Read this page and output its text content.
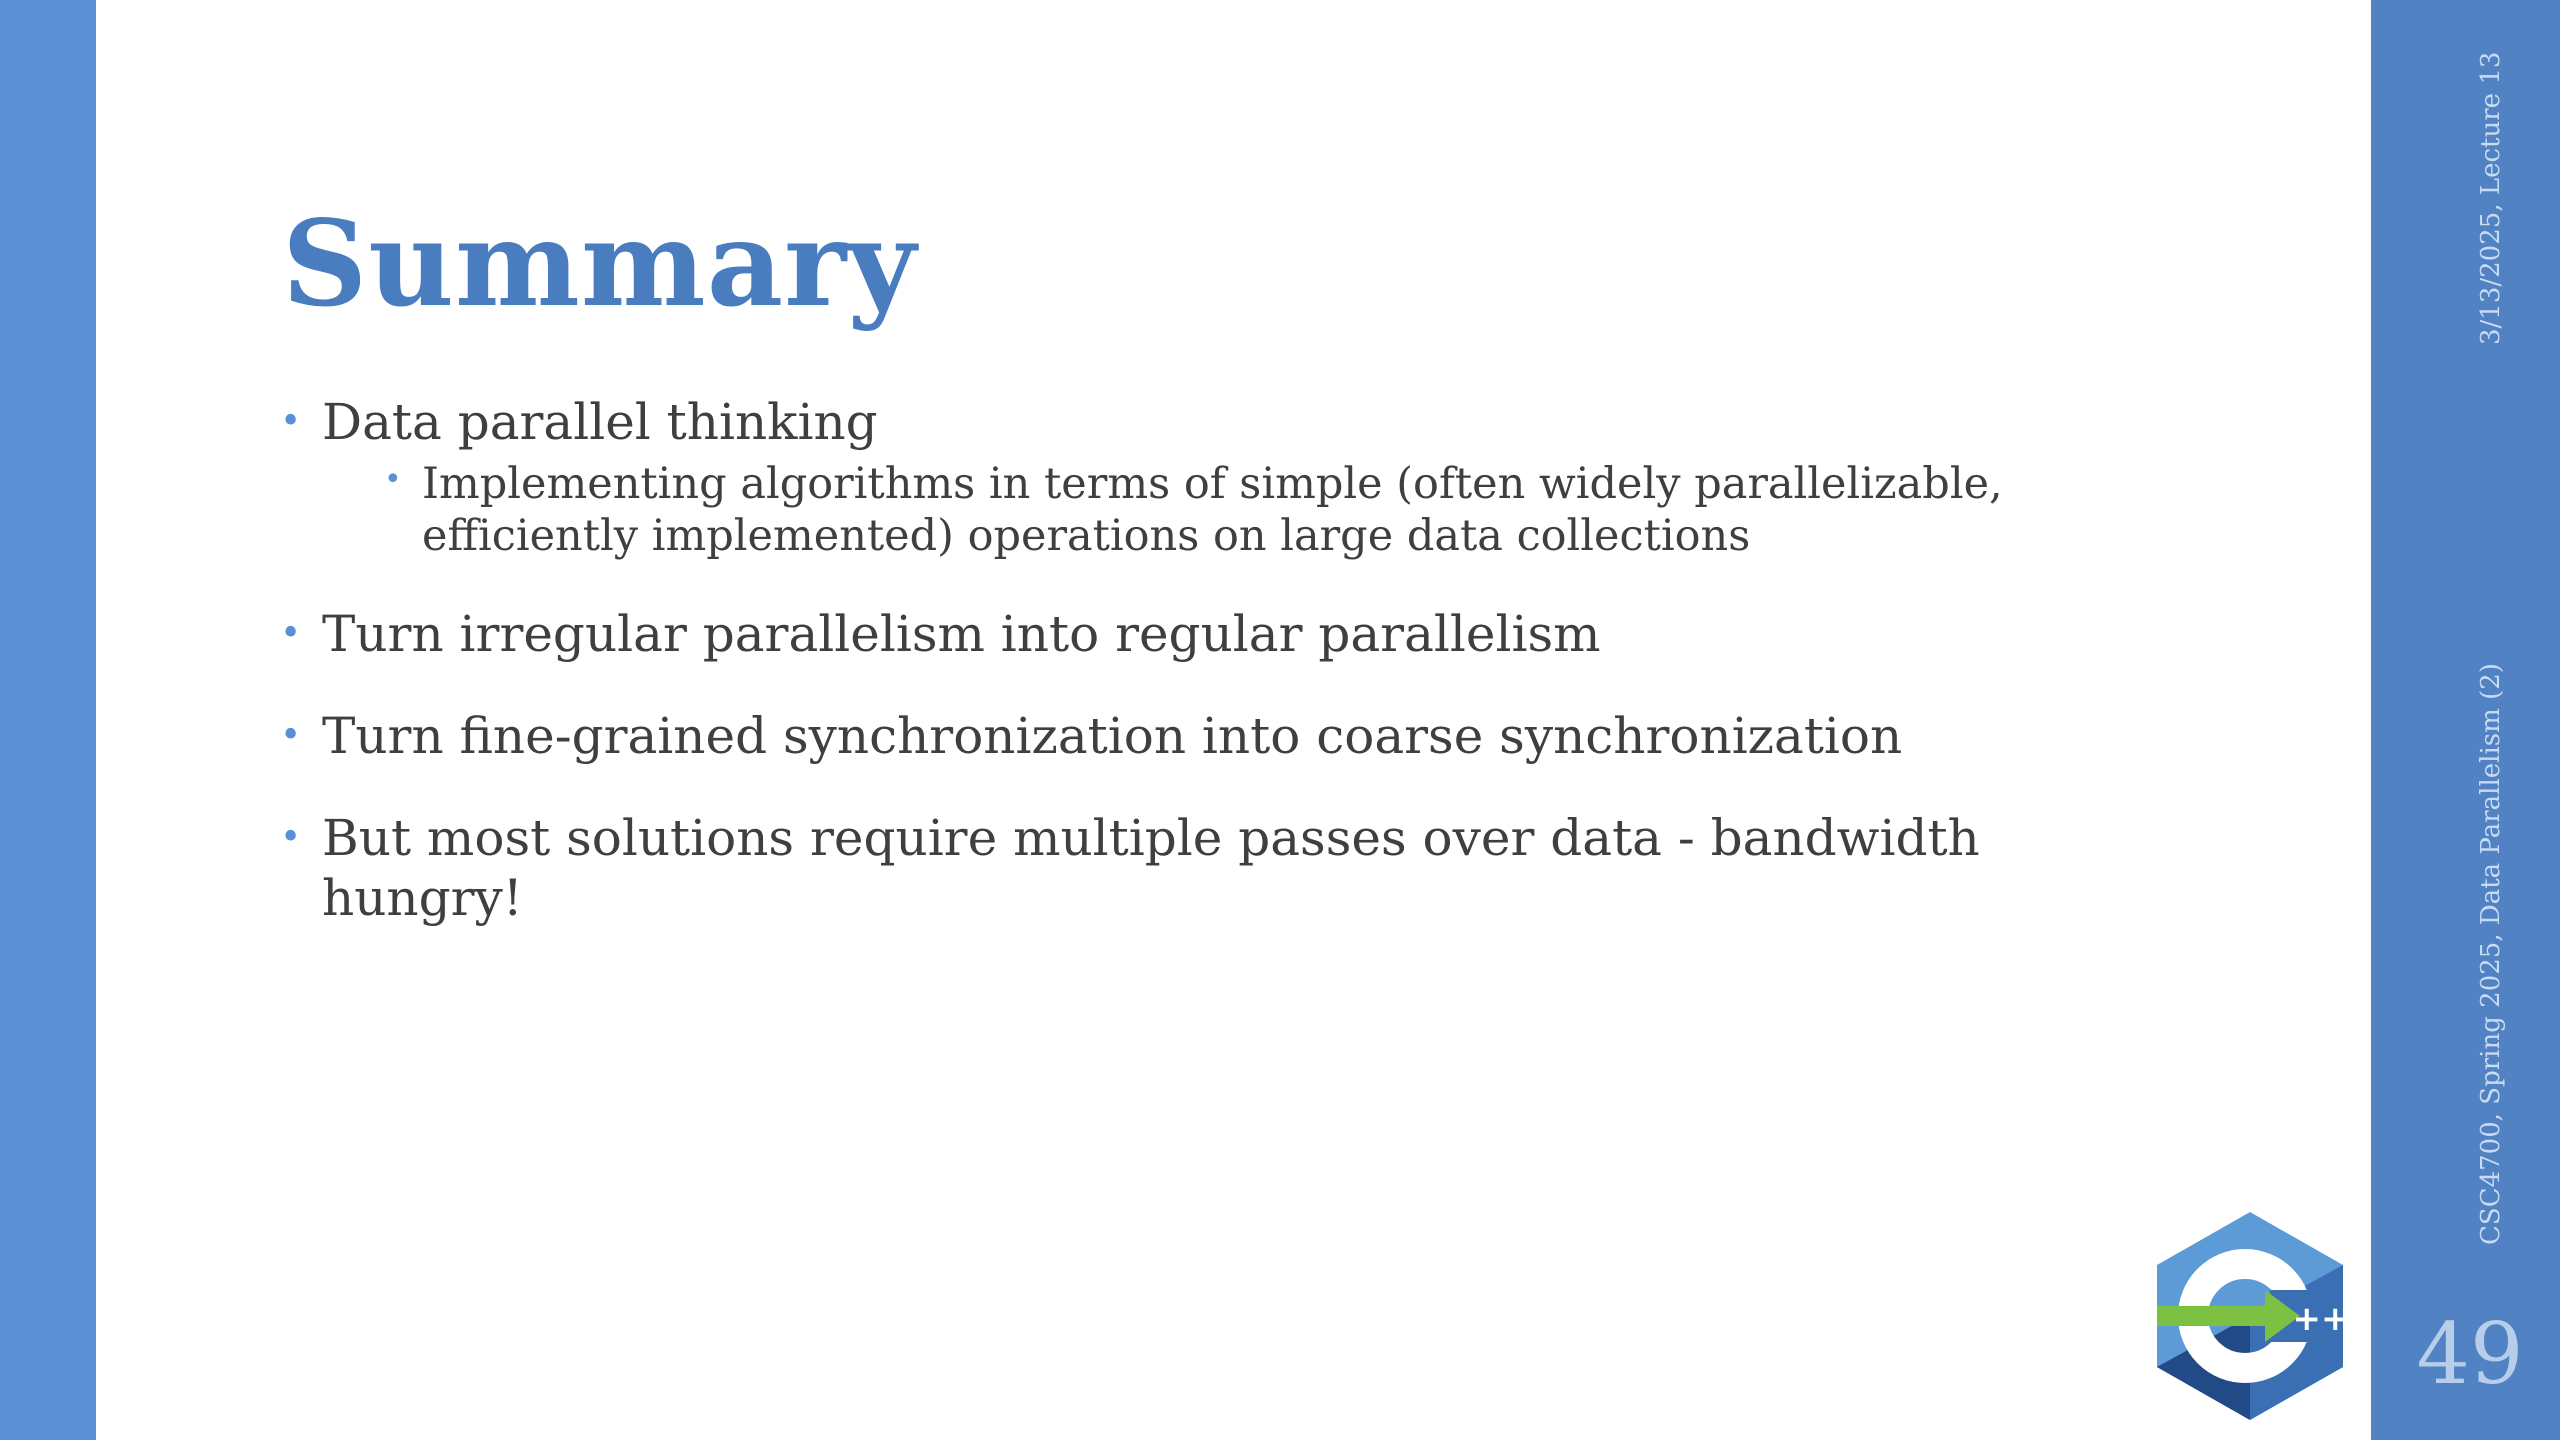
Summary
• Data parallel thinking
• Implementing algorithms in terms of simple (often widely parallelizable,
efficiently implemented) operations on large data collections
• Turn irregular parallelism into regular parallelism
• Turn fine-grained synchronization into coarse synchronization
• But most solutions require multiple passes over data - bandwidth
hungry!
++
3/13/2025, Lecture 13
CSC4700, Spring 2025, Data Parallelism (2)
49
